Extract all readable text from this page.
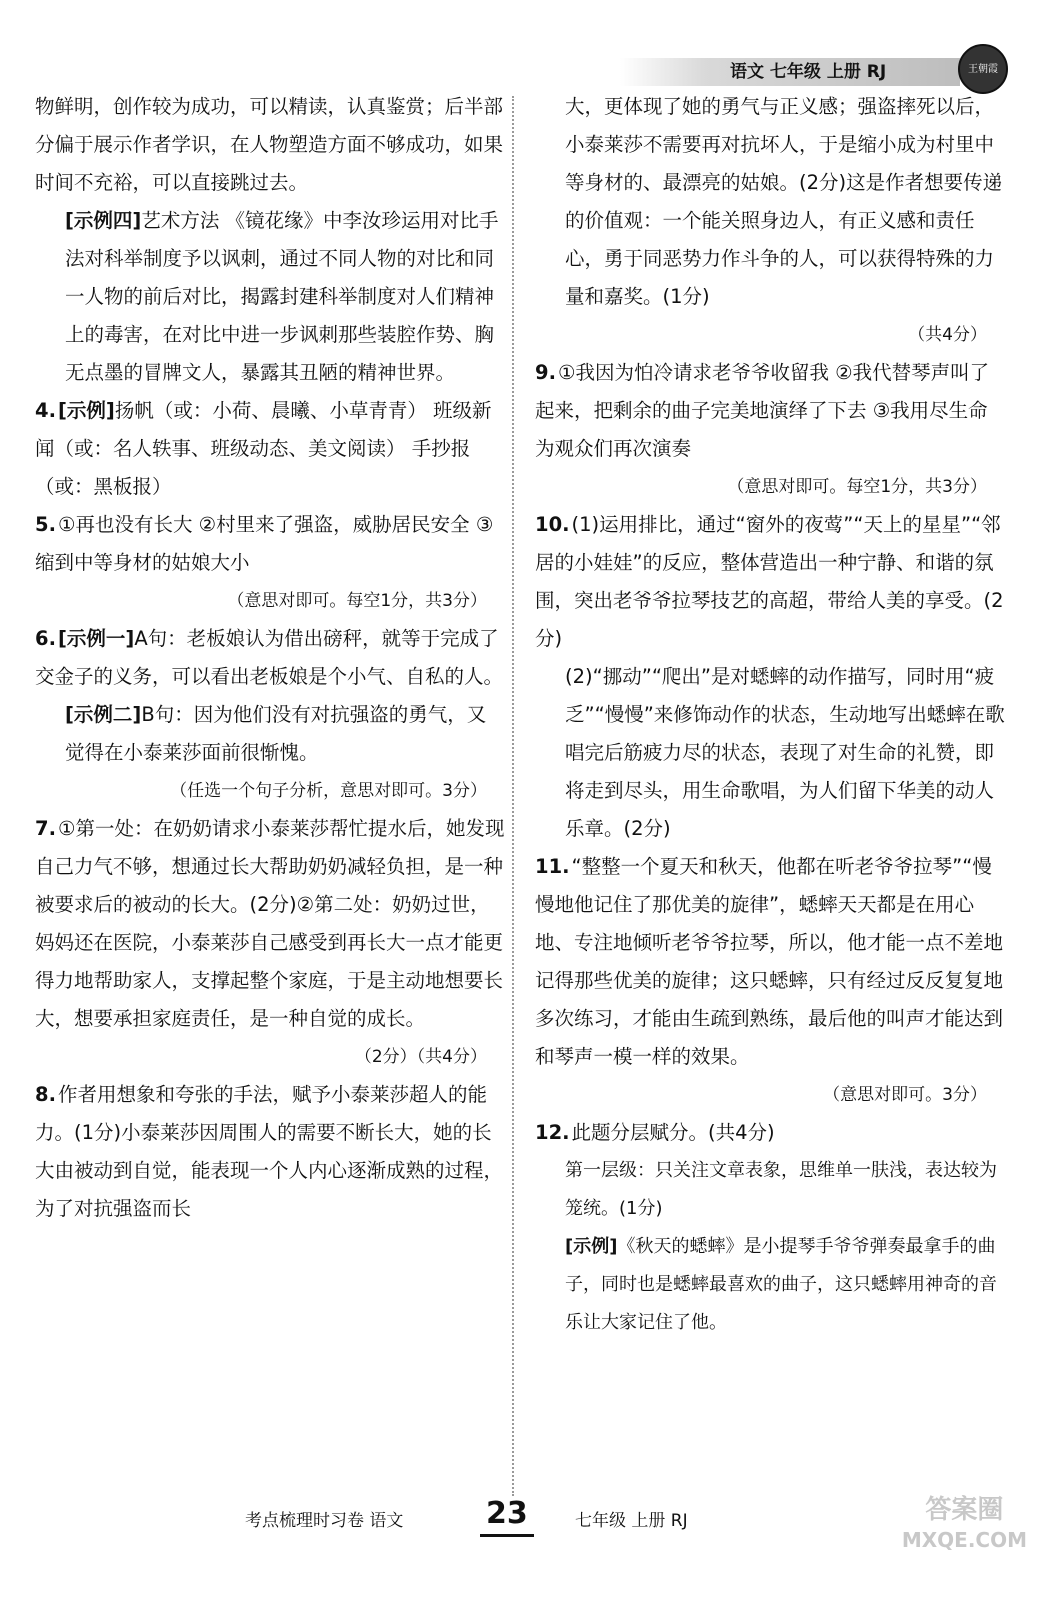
语文 七年级 上册 RJ	王朝霞

物鲜明，创作较为成功，可以精读，认真鉴赏；后半部分偏于展示作者学识，在人物塑造方面不够成功，如果时间不充裕，可以直接跳过去。

[示例四]艺术方法 《镜花缘》中李汝珍运用对比手法对科举制度予以讽刺，通过不同人物的对比和同一人物的前后对比，揭露封建科举制度对人们精神上的毒害，在对比中进一步讽刺那些装腔作势、胸无点墨的冒牌文人，暴露其丑陋的精神世界。

4. [示例]扬帆（或：小荷、晨曦、小草青青） 班级新闻（或：名人轶事、班级动态、美文阅读） 手抄报（或：黑板报）

5. ①再也没有长大 ②村里来了强盗，威胁居民安全 ③缩到中等身材的姑娘大小

（意思对即可。每空1分，共3分）

6. [示例一]A句：老板娘认为借出磅秤，就等于完成了交金子的义务，可以看出老板娘是个小气、自私的人。

[示例二]B句：因为他们没有对抗强盗的勇气，又觉得在小泰莱莎面前很惭愧。

（任选一个句子分析，意思对即可。3分）

7. ①第一处：在奶奶请求小泰莱莎帮忙提水后，她发现自己力气不够，想通过长大帮助奶奶减轻负担，是一种被要求后的被动的长大。(2分)②第二处：奶奶过世，妈妈还在医院，小泰莱莎自己感受到再长大一点才能更得力地帮助家人，支撑起整个家庭，于是主动地想要长大，想要承担家庭责任，是一种自觉的成长。

（2分）（共4分）

8. 作者用想象和夸张的手法，赋予小泰莱莎超人的能力。(1分)小泰莱莎因周围人的需要不断长大，她的长大由被动到自觉，能表现一个人内心逐渐成熟的过程，为了对抗强盗而长

大，更体现了她的勇气与正义感；强盗摔死以后，小泰莱莎不需要再对抗坏人，于是缩小成为村里中等身材的、最漂亮的姑娘。(2分)这是作者想要传递的价值观：一个能关照身边人，有正义感和责任心，勇于同恶势力作斗争的人，可以获得特殊的力量和嘉奖。(1分)

（共4分）

9. ①我因为怕冷请求老爷爷收留我 ②我代替琴声叫了起来，把剩余的曲子完美地演绎了下去 ③我用尽生命为观众们再次演奏

（意思对即可。每空1分，共3分）

10. (1)运用排比，通过“窗外的夜莺”“天上的星星”“邻居的小娃娃”的反应，整体营造出一种宁静、和谐的氛围，突出老爷爷拉琴技艺的高超，带给人美的享受。(2分)

(2)“挪动”“爬出”是对蟋蟀的动作描写，同时用“疲乏”“慢慢”来修饰动作的状态，生动地写出蟋蟀在歌唱完后筋疲力尽的状态，表现了对生命的礼赞，即将走到尽头，用生命歌唱，为人们留下华美的动人乐章。(2分)

11. “整整一个夏天和秋天，他都在听老爷爷拉琴”“慢慢地他记住了那优美的旋律”，蟋蟀天天都是在用心地、专注地倾听老爷爷拉琴，所以，他才能一点不差地记得那些优美的旋律；这只蟋蟀，只有经过反反复复地多次练习，才能由生疏到熟练，最后他的叫声才能达到和琴声一模一样的效果。

（意思对即可。3分）

12. 此题分层赋分。(共4分)

第一层级：只关注文章表象，思维单一肤浅，表达较为笼统。(1分)

[示例]《秋天的蟋蟀》是小提琴手爷爷弹奏最拿手的曲子，同时也是蟋蟀最喜欢的曲子，这只蟋蟀用神奇的音乐让大家记住了他。

考点梳理时习卷 语文	23	七年级 上册 RJ	答案圈
MXQE.COM
